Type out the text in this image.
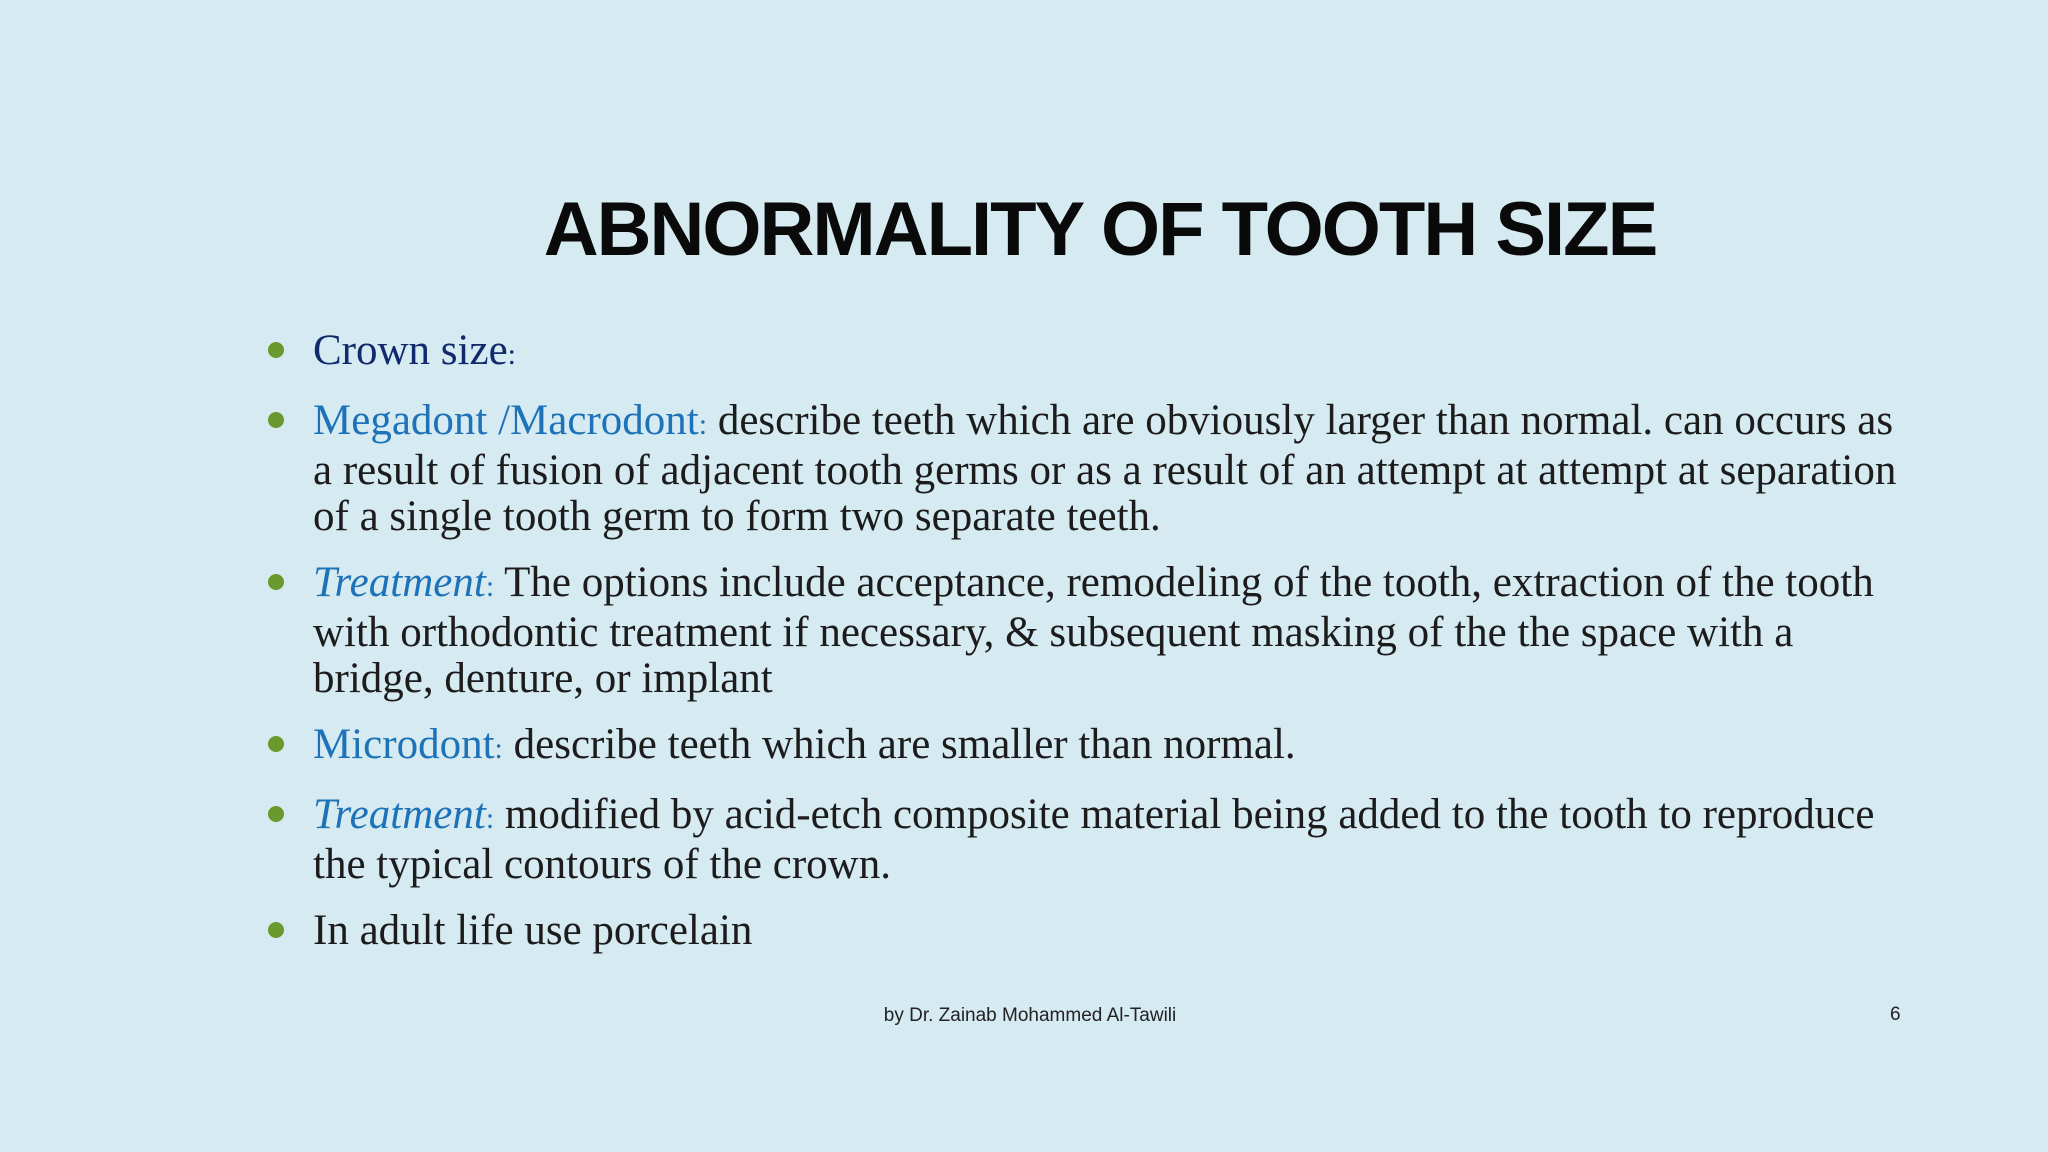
ABNORMALITY OF TOOTH SIZE
Crown size:
Megadont /Macrodont: describe teeth which are obviously larger than normal. can occurs as a result of fusion of adjacent tooth germs or as a result of an attempt at attempt at separation of a single tooth germ to form two separate teeth.
Treatment: The options include acceptance, remodeling of the tooth, extraction of the tooth with orthodontic treatment if necessary, & subsequent masking of the the space with a bridge, denture, or implant
Microdont: describe teeth which are smaller than normal.
Treatment: modified by acid-etch composite material being added to the tooth to reproduce the typical contours of the crown.
In adult life use porcelain
by Dr. Zainab Mohammed Al-Tawili	6
